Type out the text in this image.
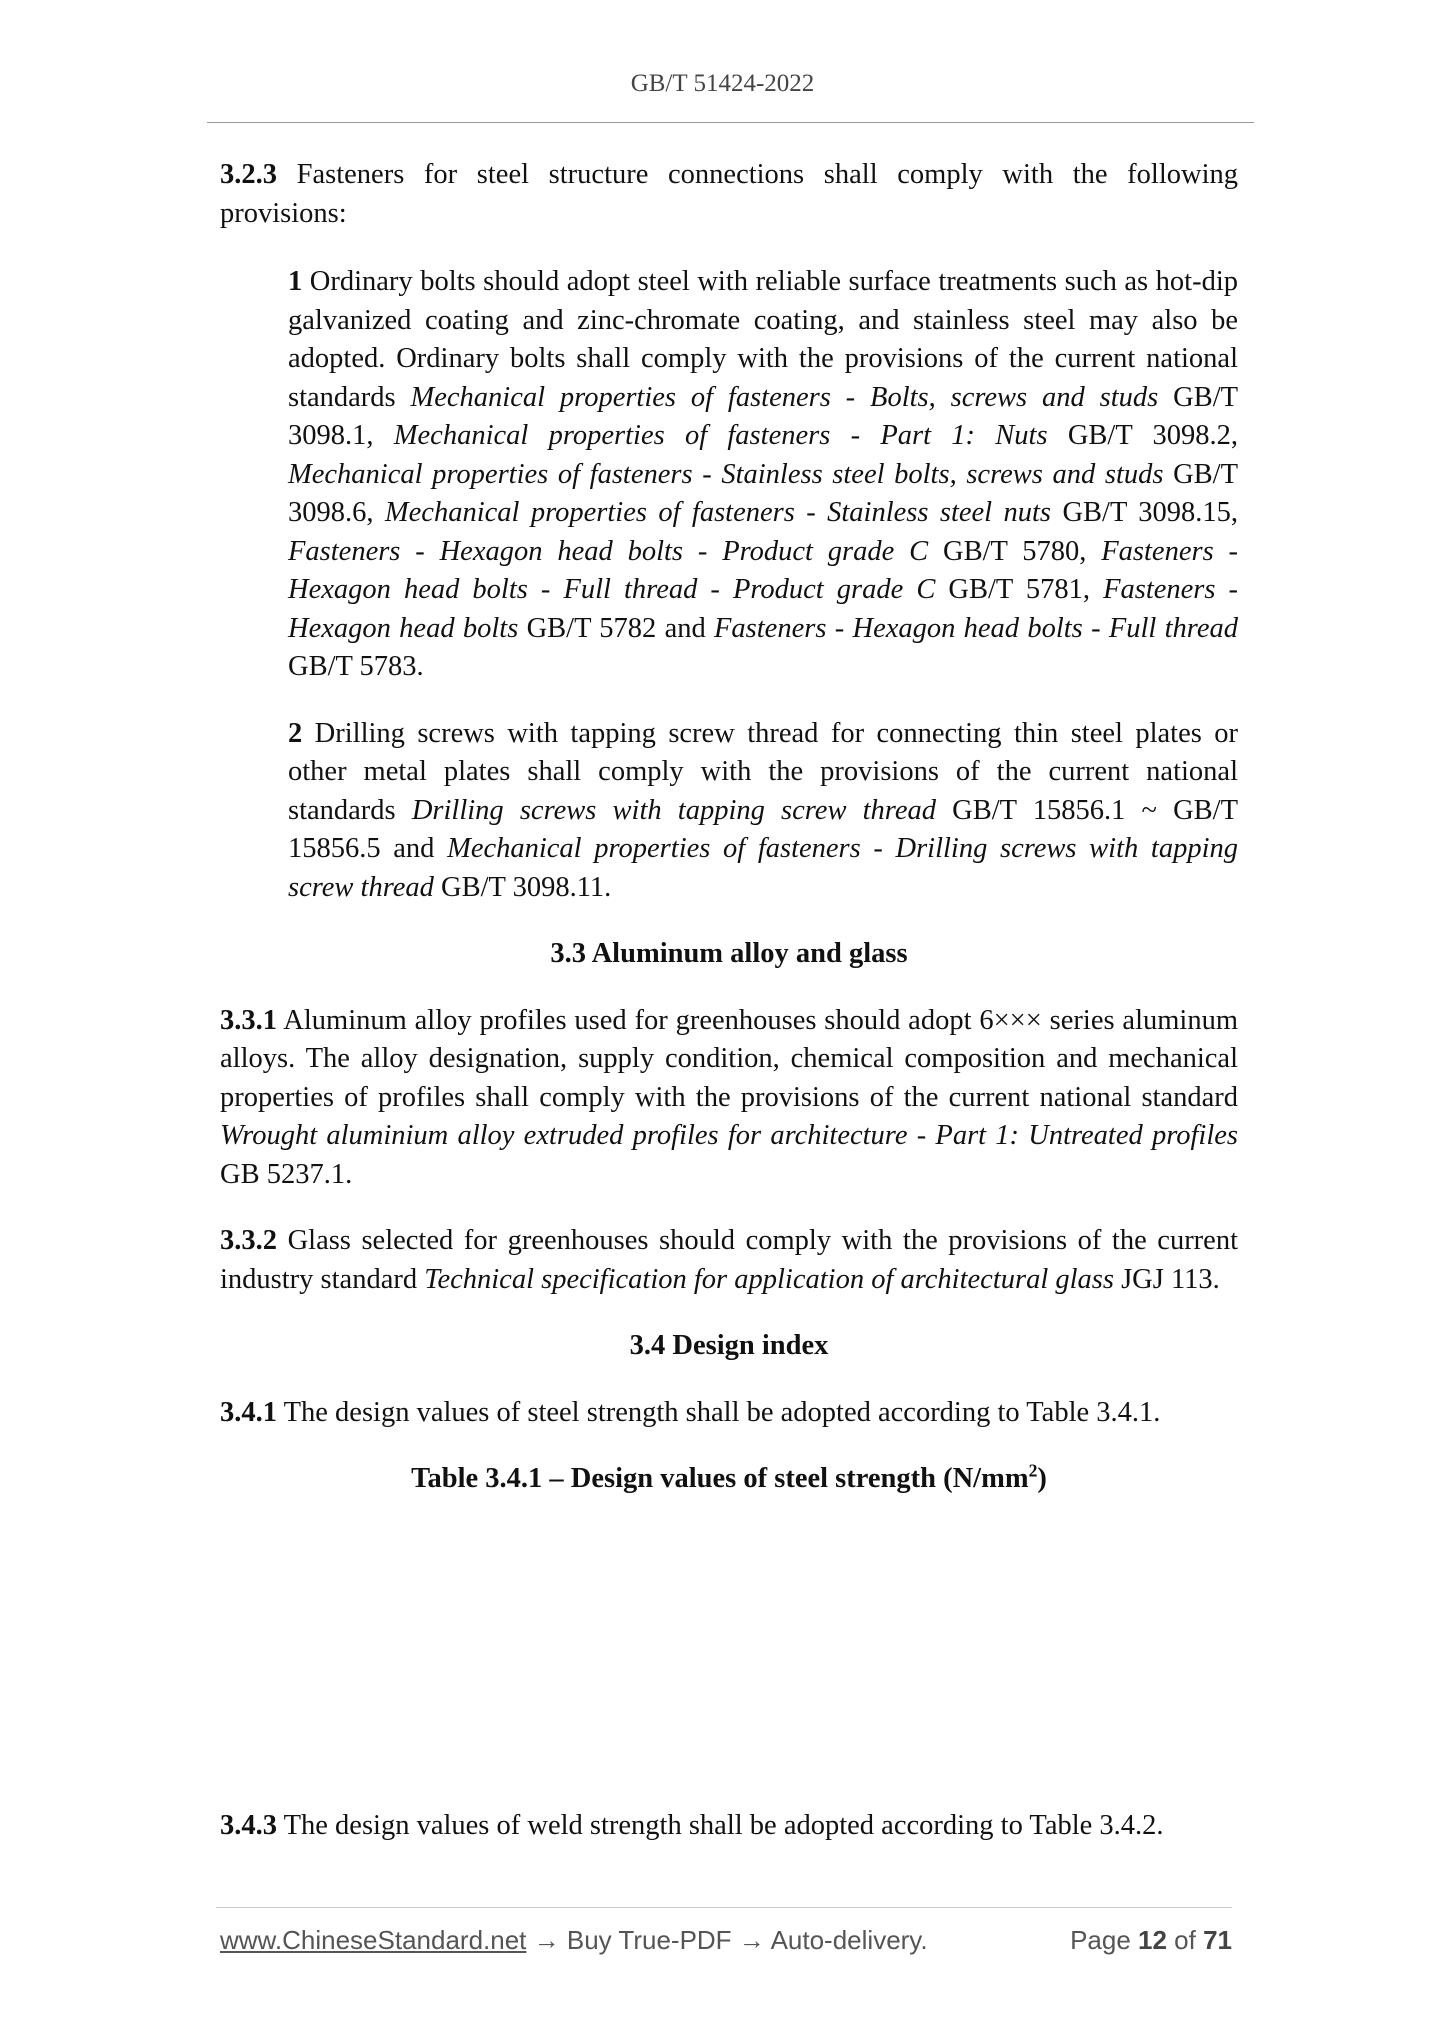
GB/T 51424-2022

3.2.3 Fasteners for steel structure connections shall comply with the following provisions:

1 Ordinary bolts should adopt steel with reliable surface treatments such as hot-dip galvanized coating and zinc-chromate coating, and stainless steel may also be adopted. Ordinary bolts shall comply with the provisions of the current national standards Mechanical properties of fasteners - Bolts, screws and studs GB/T 3098.1, Mechanical properties of fasteners - Part 1: Nuts GB/T 3098.2, Mechanical properties of fasteners - Stainless steel bolts, screws and studs GB/T 3098.6, Mechanical properties of fasteners - Stainless steel nuts GB/T 3098.15, Fasteners - Hexagon head bolts - Product grade C GB/T 5780, Fasteners - Hexagon head bolts - Full thread - Product grade C GB/T 5781, Fasteners - Hexagon head bolts GB/T 5782 and Fasteners - Hexagon head bolts - Full thread GB/T 5783.

2 Drilling screws with tapping screw thread for connecting thin steel plates or other metal plates shall comply with the provisions of the current national standards Drilling screws with tapping screw thread GB/T 15856.1 ~ GB/T 15856.5 and Mechanical properties of fasteners - Drilling screws with tapping screw thread GB/T 3098.11.

3.3 Aluminum alloy and glass

3.3.1 Aluminum alloy profiles used for greenhouses should adopt 6××× series aluminum alloys. The alloy designation, supply condition, chemical composition and mechanical properties of profiles shall comply with the provisions of the current national standard Wrought aluminium alloy extruded profiles for architecture - Part 1: Untreated profiles GB 5237.1.

3.3.2 Glass selected for greenhouses should comply with the provisions of the current industry standard Technical specification for application of architectural glass JGJ 113.

3.4 Design index

3.4.1 The design values of steel strength shall be adopted according to Table 3.4.1.

Table 3.4.1 – Design values of steel strength $(N/mm^2)$

3.4.3 The design values of weld strength shall be adopted according to Table 3.4.2.

www.ChineseStandard.net → Buy True-PDF → Auto-delivery.	Page 12 of 71
